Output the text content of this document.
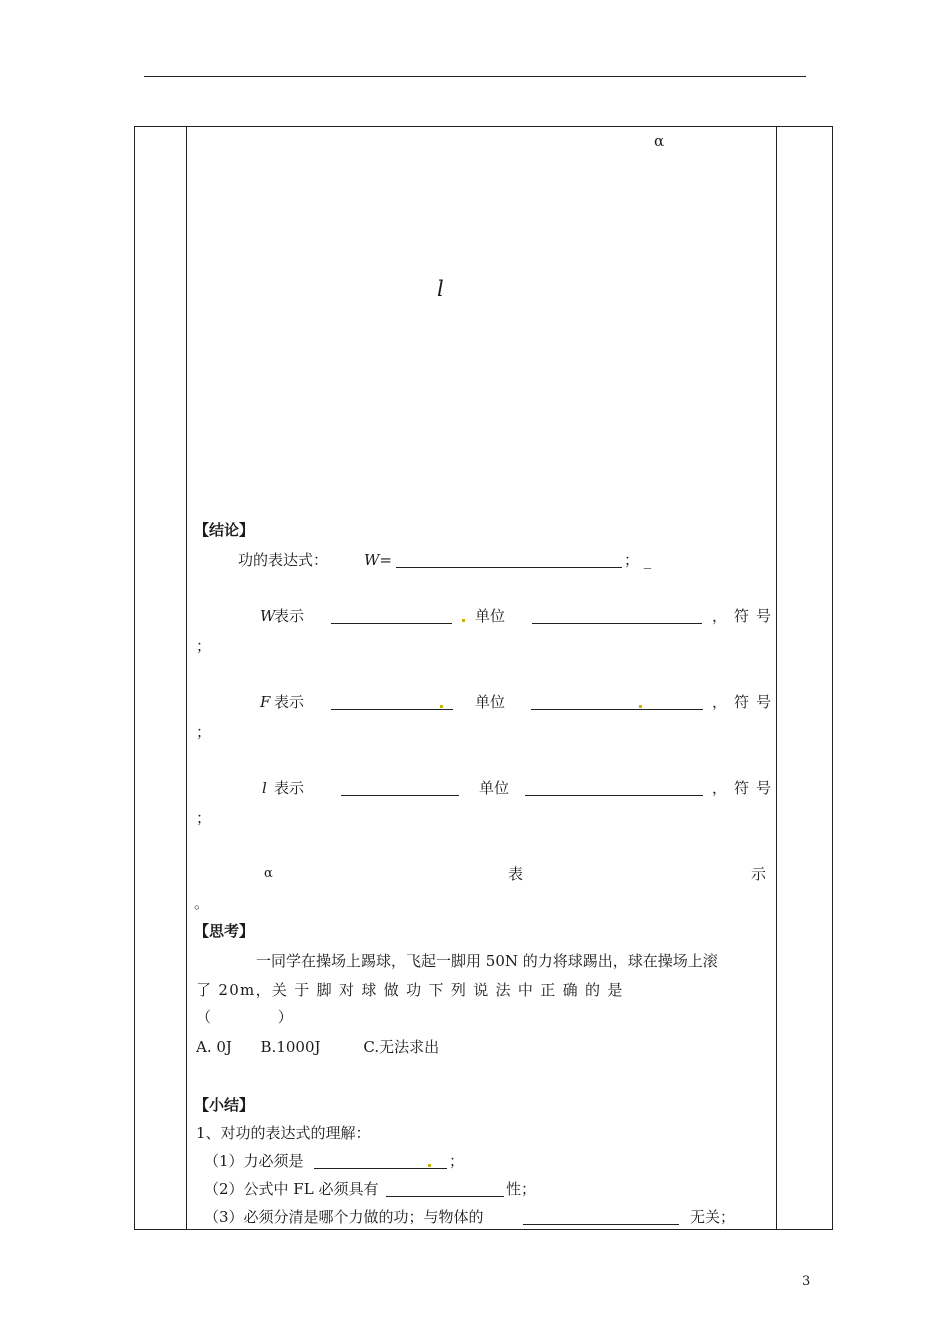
α
l
【结论】
功的表达式： W=	； _
W
表示	单位	，符号
；
F 表示	单位	，符号
；
l 表示	单位	，符号
；
α	表	示
。
【思考】
一同学在操场上踢球，飞起一脚用 50N 的力将球踢出，球在操场上滚
了 20m，关 于 脚 对 球 做 功 下 列 说 法 中 正 确 的 是
（              ）
A. 0J      B.1000J         C.无法求出
【小结】
1、对功的表达式的理解：
（1）力必须是	；
（2）公式中 FL 必须具有	性；
（3）必须分清是哪个力做的功；与物体的	无关；
3
